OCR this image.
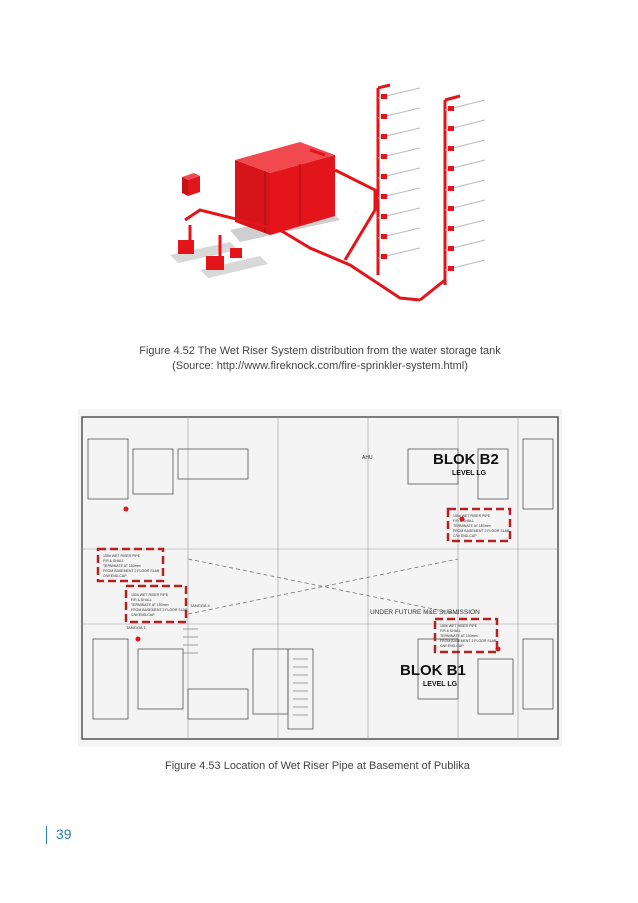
Figure 4.52 The Wet Riser System distribution from the water storage tank
(Source: http://www.fireknock.com/fire-sprinkler-system.html)
150# WET RISER PIPE
F/R & SHALL
TERMINATE AT 150mm
FROM BASEMENT 2 FLOOR SLAB
C/W END-CAP
150# WET RISER PIPE
F/R & SHALL
TERMINATE AT 150mm
FROM BASEMENT 2 FLOOR SLAB
C/W END-CAP
150# WET RISER PIPE
F/R & SHALL
TERMINATE AT 150mm
FROM BASEMENT 2 FLOOR SLAB
C/W END-CAP
150# WET RISER PIPE
F/R & SHALL
TERMINATE AT 150mm
FROM BASEMENT 2 FLOOR SLAB
C/W END-CAP
BLOK B2
LEVEL LG
BLOK B1
LEVEL LG
UNDER FUTURE M&E SUBMISSION
AHU
TANGGA 4
TANGGA 1
Figure 4.53 Location of Wet Riser Pipe at Basement of Publika
39
